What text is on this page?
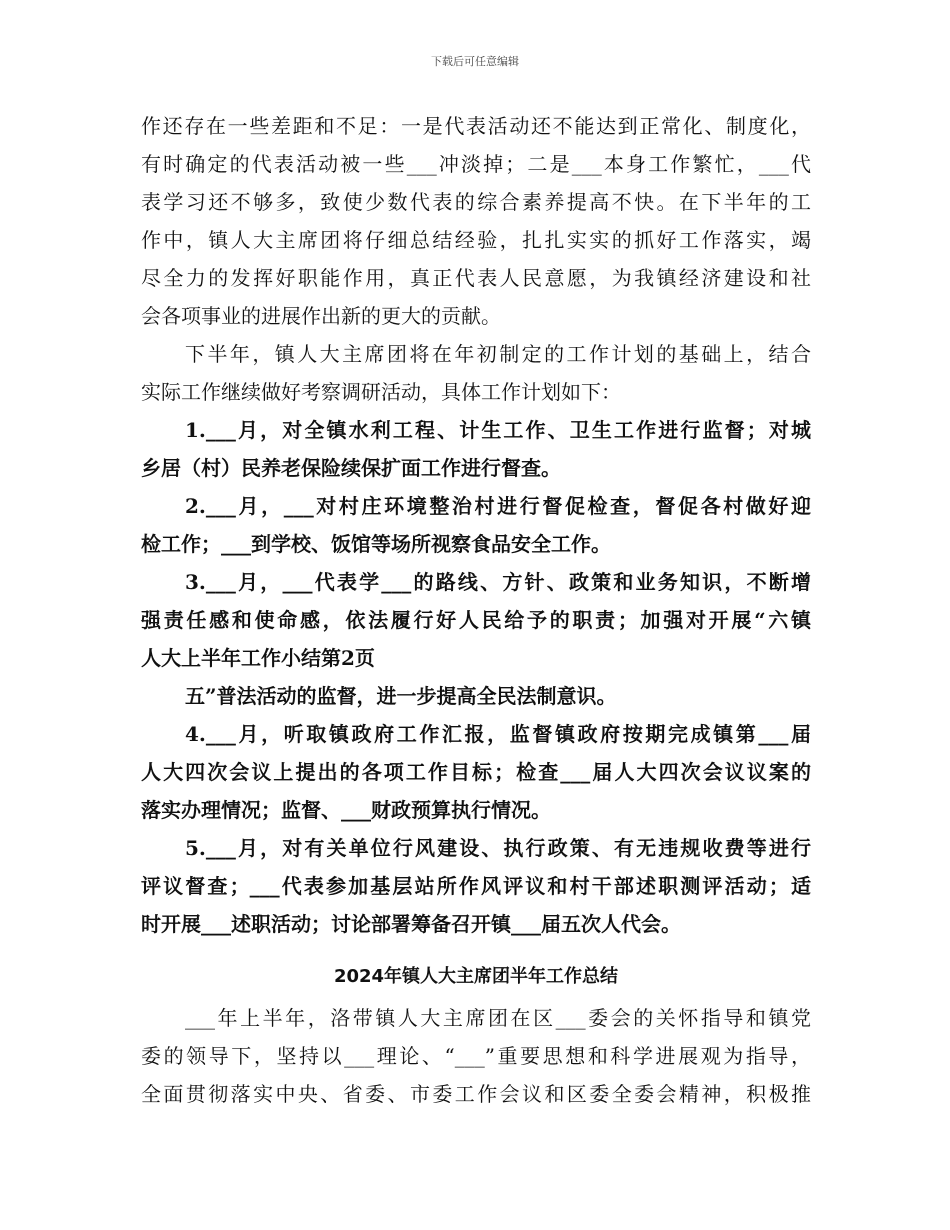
下载后可任意编辑
作还存在一些差距和不足：一是代表活动还不能达到正常化、制度化，
有时确定的代表活动被一些___冲淡掉；二是___本身工作繁忙，___代
表学习还不够多，致使少数代表的综合素养提高不快。在下半年的工
作中，镇人大主席团将仔细总结经验，扎扎实实的抓好工作落实，竭
尽全力的发挥好职能作用，真正代表人民意愿，为我镇经济建设和社
会各项事业的进展作出新的更大的贡献。
下半年，镇人大主席团将在年初制定的工作计划的基础上，结合
实际工作继续做好考察调研活动，具体工作计划如下：
1.___月，对全镇水利工程、计生工作、卫生工作进行监督；对城
乡居（村）民养老保险续保扩面工作进行督查。
2.___月，___对村庄环境整治村进行督促检查，督促各村做好迎
检工作；___到学校、饭馆等场所视察食品安全工作。
3.___月，___代表学___的路线、方针、政策和业务知识，不断增
强责任感和使命感，依法履行好人民给予的职责；加强对开展“六镇
人大上半年工作小结第2页
五”普法活动的监督，进一步提高全民法制意识。
4.___月，听取镇政府工作汇报，监督镇政府按期完成镇第___届
人大四次会议上提出的各项工作目标；检查___届人大四次会议议案的
落实办理情况；监督、___财政预算执行情况。
5.___月，对有关单位行风建设、执行政策、有无违规收费等进行
评议督查；___代表参加基层站所作风评议和村干部述职测评活动；适
时开展___述职活动；讨论部署筹备召开镇___届五次人代会。
2024年镇人大主席团半年工作总结
___年上半年，洛带镇人大主席团在区___委会的关怀指导和镇党
委的领导下，坚持以___理论、“___”重要思想和科学进展观为指导，
全面贯彻落实中央、省委、市委工作会议和区委全委会精神，积极推
